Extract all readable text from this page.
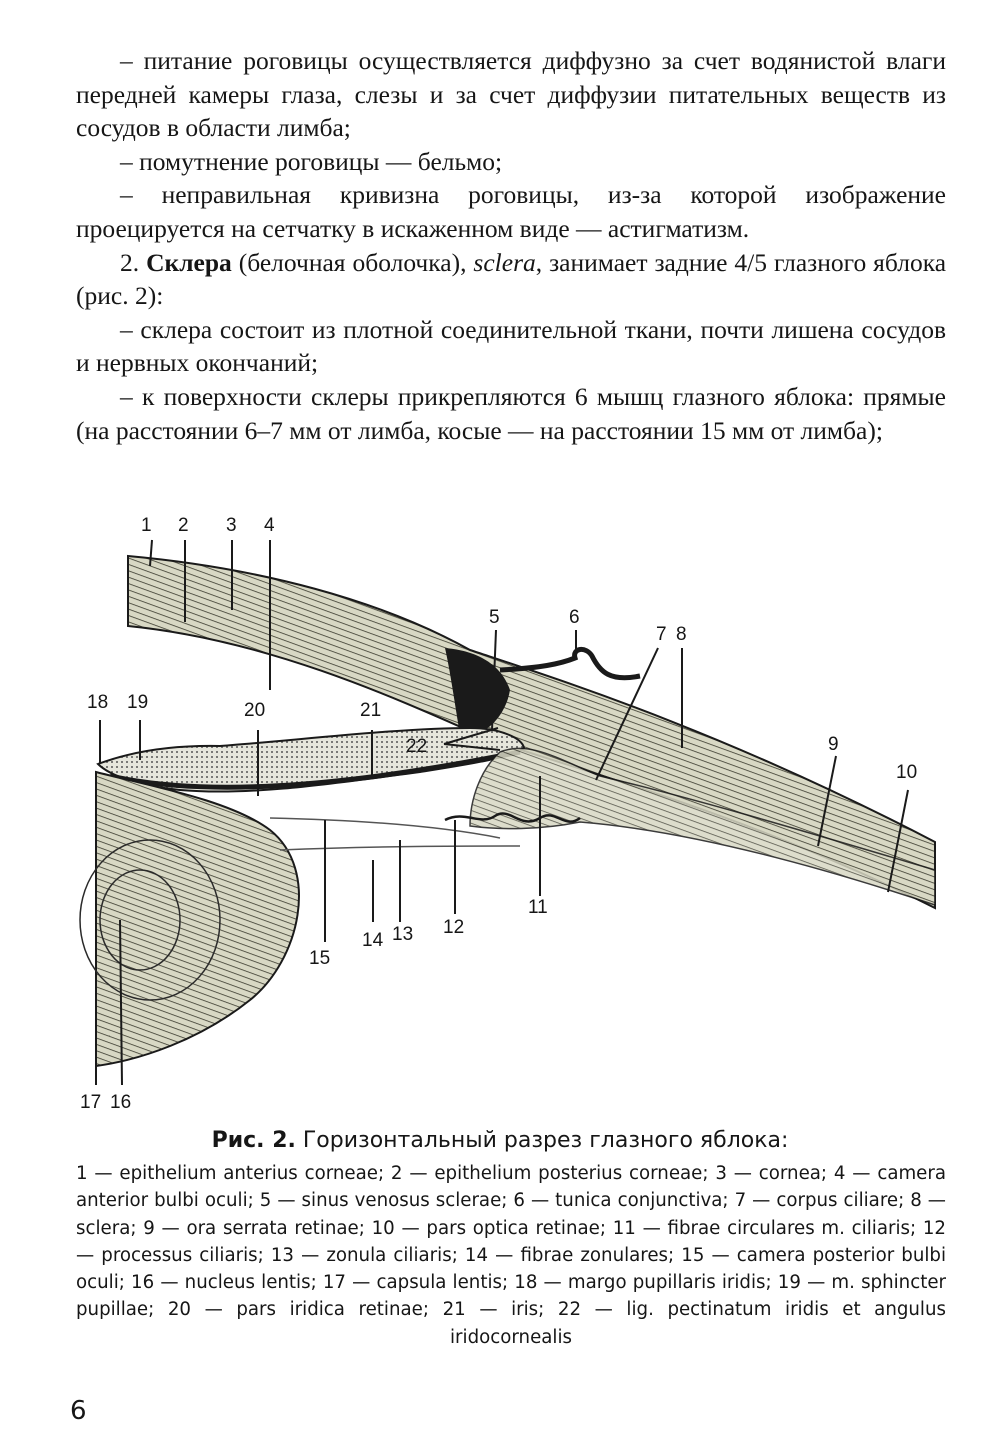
– питание роговицы осуществляется диффузно за счет водянистой влаги передней камеры глаза, слезы и за счет диффузии питательных веществ из сосудов в области лимба;

– помутнение роговицы — бельмо;

– неправильная кривизна роговицы, из-за которой изображение проецируется на сетчатку в искаженном виде — астигматизм.

2. Склера (белочная оболочка), sclera, занимает задние 4/5 глазного яблока (рис. 2):

– склера состоит из плотной соединительной ткани, почти лишена сосудов и нервных окончаний;

– к поверхности склеры прикрепляются 6 мышц глазного яблока: прямые (на расстоянии 6–7 мм от лимба, косые — на расстоянии 15 мм от лимба);

1 2 3 4
5	6
7 8
9
10
11
12
13
14
15
16
17
18 19	20	21
22
Рис. 2. Горизонтальный разрез глазного яблока:
1 — epithelium anterius corneae; 2 — epithelium posterius corneae; 3 — cornea; 4 — camera anterior bulbi oculi; 5 — sinus venosus sclerae; 6 — tunica conjunctiva; 7 — corpus ciliare; 8 — sclera; 9 — ora serrata retinae; 10 — pars optica retinae; 11 — fibrae circulares m. ciliaris; 12 — processus ciliaris; 13 — zonula ciliaris; 14 — fibrae zonulares; 15 — camera posterior bulbi oculi; 16 — nucleus lentis; 17 — capsula lentis; 18 — margo pupillaris iridis; 19 — m. sphincter pupillae; 20 — pars iridica retinae; 21 — iris; 22 — lig. pectinatum iridis et angulus iridocornealis
6
